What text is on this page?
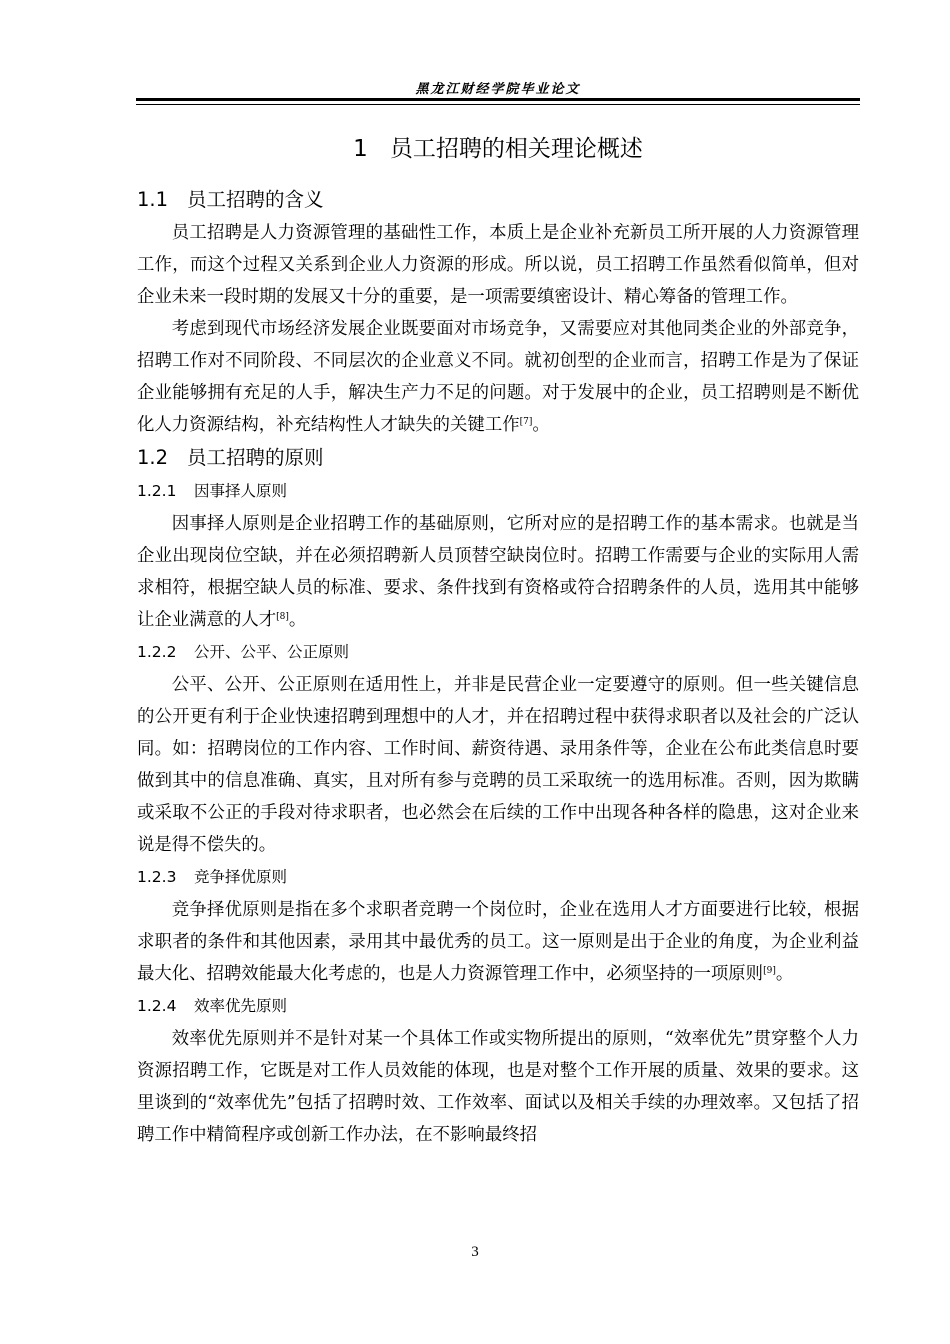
黑龙江财经学院毕业论文
1 员工招聘的相关理论概述
1.1 员工招聘的含义

员工招聘是人力资源管理的基础性工作，本质上是企业补充新员工所开展的人力资源管理工作，而这个过程又关系到企业人力资源的形成。所以说，员工招聘工作虽然看似简单，但对企业未来一段时期的发展又十分的重要，是一项需要缜密设计、精心筹备的管理工作。

考虑到现代市场经济发展企业既要面对市场竞争，又需要应对其他同类企业的外部竞争，招聘工作对不同阶段、不同层次的企业意义不同。就初创型的企业而言，招聘工作是为了保证企业能够拥有充足的人手，解决生产力不足的问题。对于发展中的企业，员工招聘则是不断优化人力资源结构，补充结构性人才缺失的关键工作[7]。

1.2 员工招聘的原则
1.2.1 因事择人原则

因事择人原则是企业招聘工作的基础原则，它所对应的是招聘工作的基本需求。也就是当企业出现岗位空缺，并在必须招聘新人员顶替空缺岗位时。招聘工作需要与企业的实际用人需求相符，根据空缺人员的标准、要求、条件找到有资格或符合招聘条件的人员，选用其中能够让企业满意的人才[8]。

1.2.2 公开、公平、公正原则

公平、公开、公正原则在适用性上，并非是民营企业一定要遵守的原则。但一些关键信息的公开更有利于企业快速招聘到理想中的人才，并在招聘过程中获得求职者以及社会的广泛认同。如：招聘岗位的工作内容、工作时间、薪资待遇、录用条件等，企业在公布此类信息时要做到其中的信息准确、真实，且对所有参与竞聘的员工采取统一的选用标准。否则，因为欺瞒或采取不公正的手段对待求职者，也必然会在后续的工作中出现各种各样的隐患，这对企业来说是得不偿失的。

1.2.3 竞争择优原则

竞争择优原则是指在多个求职者竞聘一个岗位时，企业在选用人才方面要进行比较，根据求职者的条件和其他因素，录用其中最优秀的员工。这一原则是出于企业的角度，为企业利益最大化、招聘效能最大化考虑的，也是人力资源管理工作中，必须坚持的一项原则[9]。

1.2.4 效率优先原则

效率优先原则并不是针对某一个具体工作或实物所提出的原则，“效率优先”贯穿整个人力资源招聘工作，它既是对工作人员效能的体现，也是对整个工作开展的质量、效果的要求。这里谈到的“效率优先”包括了招聘时效、工作效率、面试以及相关手续的办理效率。又包括了招聘工作中精简程序或创新工作办法，在不影响最终招

3
